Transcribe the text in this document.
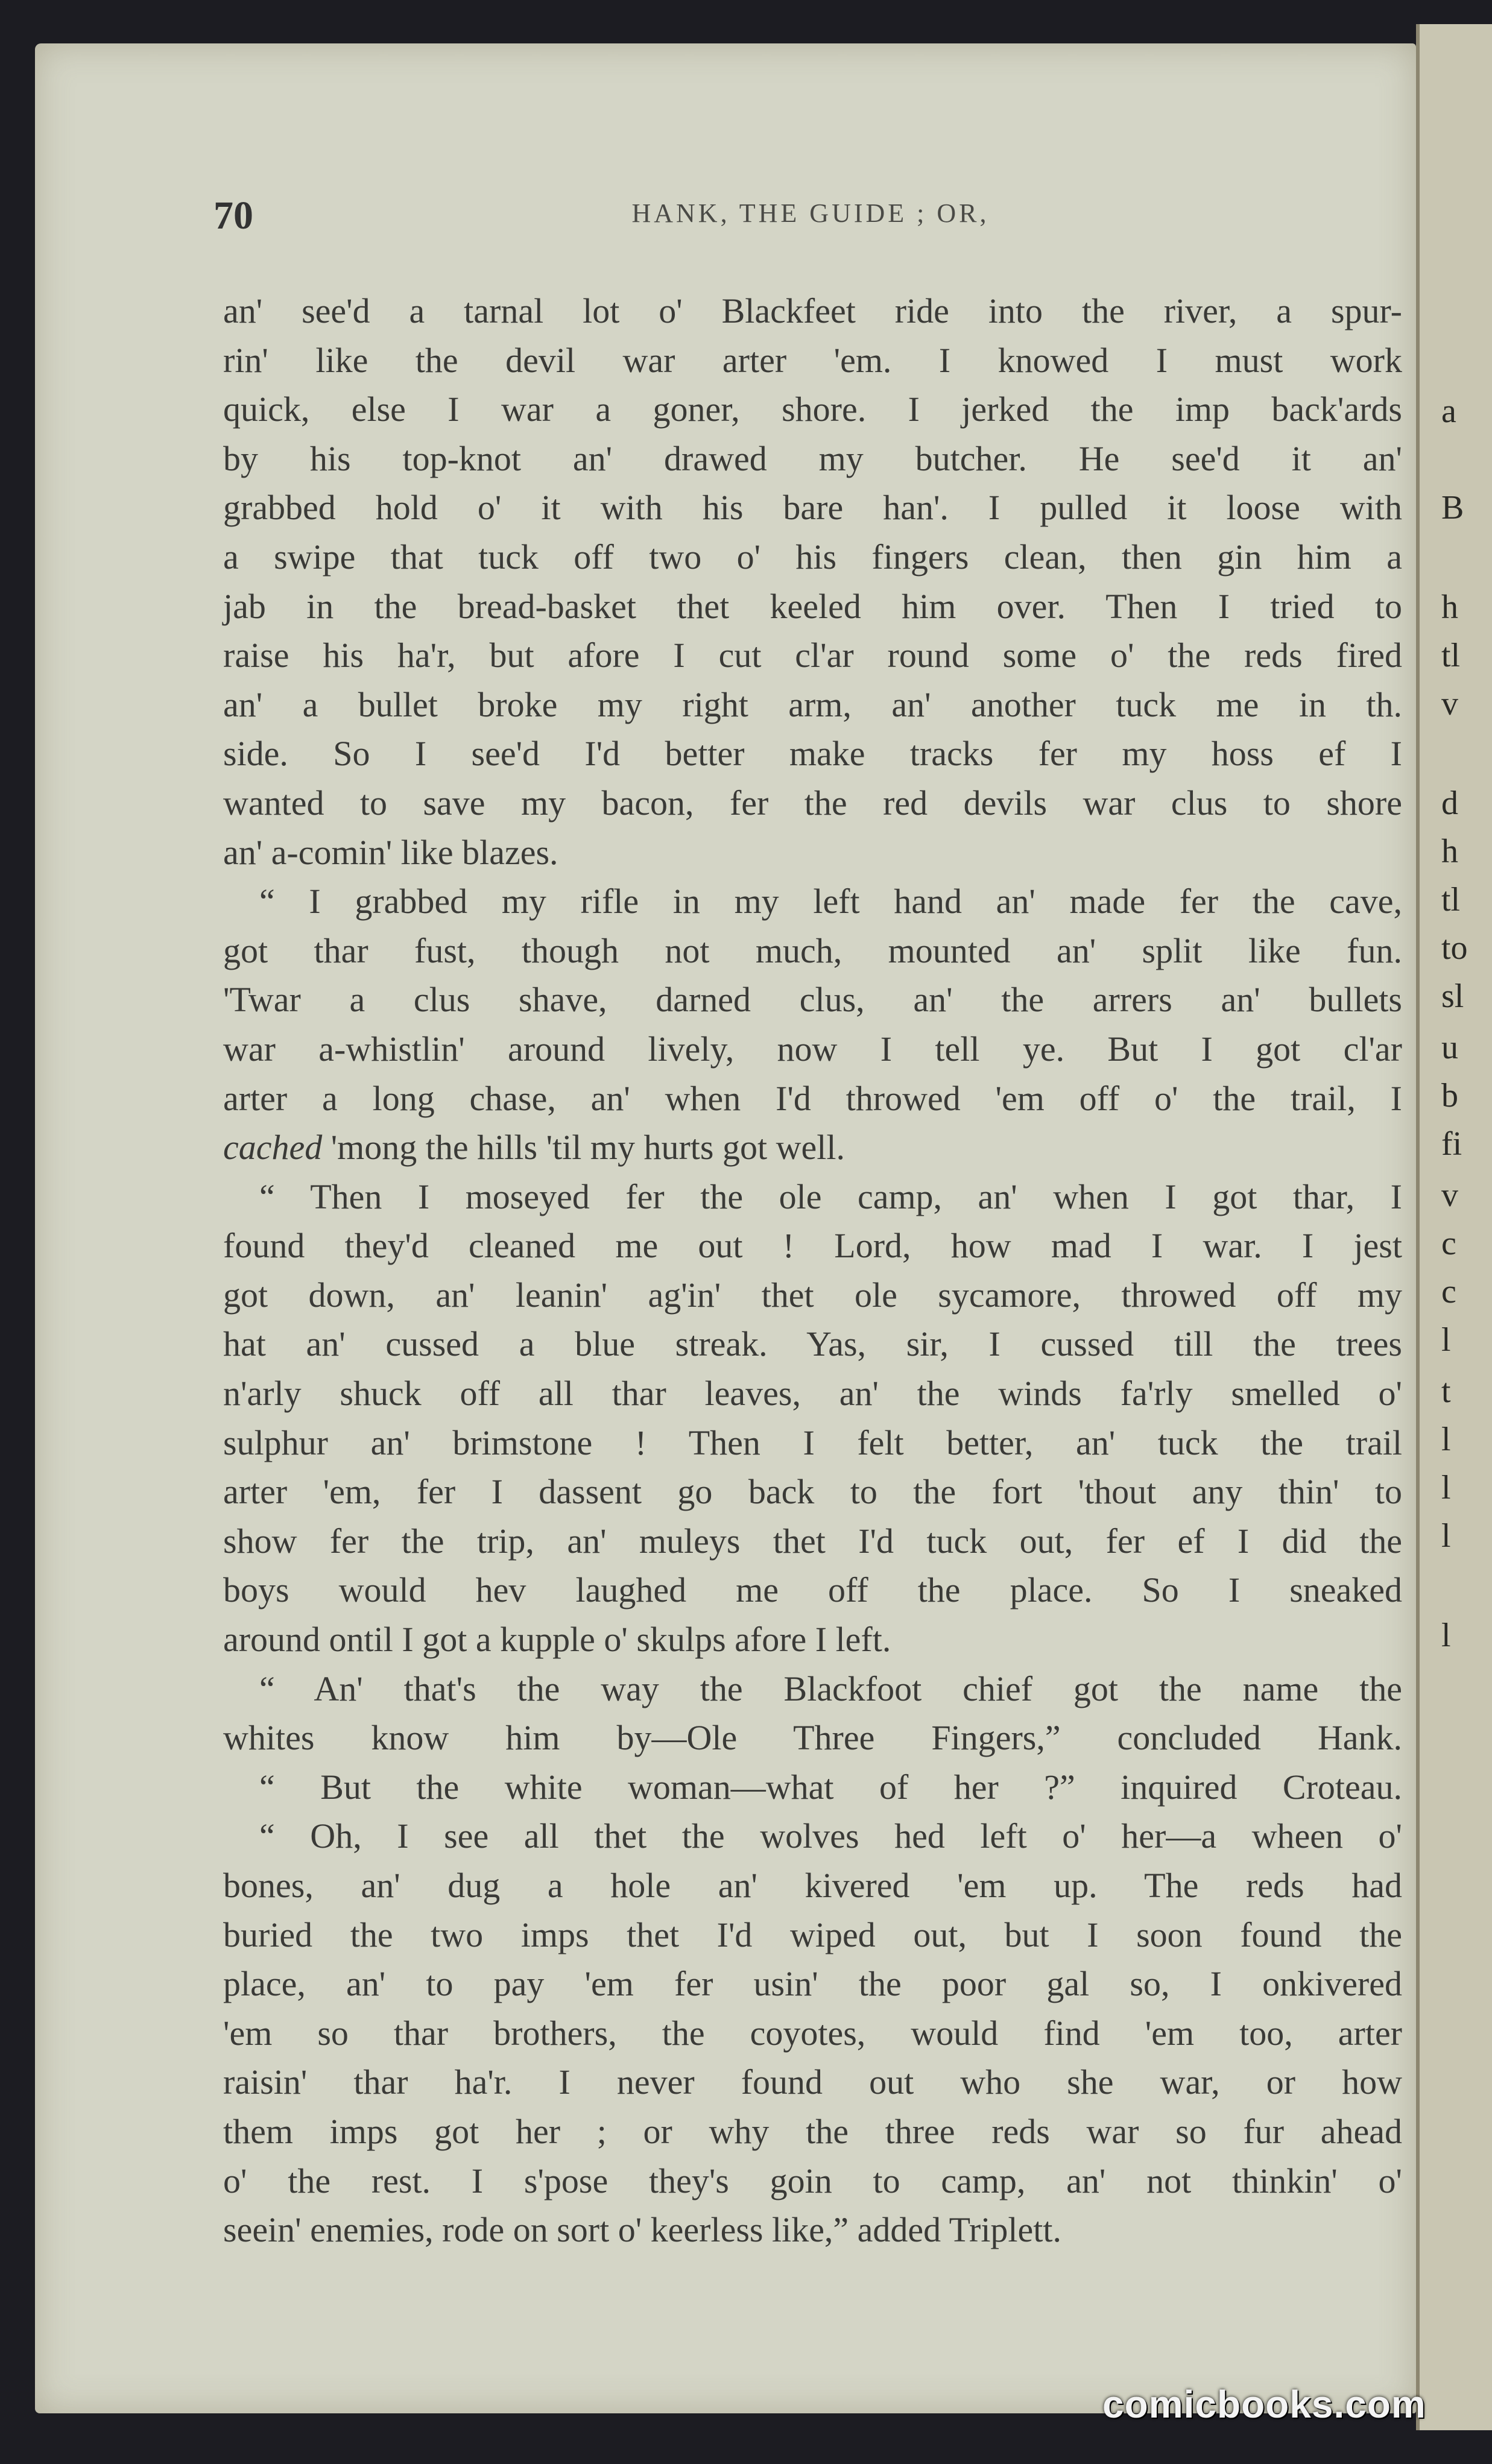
a
B
h
tl
v
d
h
tl
to
sl
u
b
fi
v
c
c
l
t
l
l
l
l
70	HANK, THE GUIDE ; OR,
an' see'd a tarnal lot o' Blackfeet ride into the river, a spur-
rin' like the devil war arter 'em. I knowed I must work
quick, else I war a goner, shore. I jerked the imp back'ards
by his top-knot an' drawed my butcher. He see'd it an'
grabbed hold o' it with his bare han'. I pulled it loose with
a swipe that tuck off two o' his fingers clean, then gin him a
jab in the bread-basket thet keeled him over. Then I tried to
raise his ha'r, but afore I cut cl'ar round some o' the reds fired
an' a bullet broke my right arm, an' another tuck me in th.
side. So I see'd I'd better make tracks fer my hoss ef I
wanted to save my bacon, fer the red devils war clus to shore
an' a-comin' like blazes.
“ I grabbed my rifle in my left hand an' made fer the cave,
got thar fust, though not much, mounted an' split like fun.
'Twar a clus shave, darned clus, an' the arrers an' bullets
war a-whistlin' around lively, now I tell ye. But I got cl'ar
arter a long chase, an' when I'd throwed 'em off o' the trail, I
cached 'mong the hills 'til my hurts got well.
“ Then I moseyed fer the ole camp, an' when I got thar, I
found they'd cleaned me out ! Lord, how mad I war. I jest
got down, an' leanin' ag'in' thet ole sycamore, throwed off my
hat an' cussed a blue streak. Yas, sir, I cussed till the trees
n'arly shuck off all thar leaves, an' the winds fa'rly smelled o'
sulphur an' brimstone ! Then I felt better, an' tuck the trail
arter 'em, fer I dassent go back to the fort 'thout any thin' to
show fer the trip, an' muleys thet I'd tuck out, fer ef I did the
boys would hev laughed me off the place. So I sneaked
around ontil I got a kupple o' skulps afore I left.
“ An' that's the way the Blackfoot chief got the name the
whites know him by—Ole Three Fingers,” concluded Hank.
“ But the white woman—what of her ?” inquired Croteau.
“ Oh, I see all thet the wolves hed left o' her—a wheen o'
bones, an' dug a hole an' kivered 'em up. The reds had
buried the two imps thet I'd wiped out, but I soon found the
place, an' to pay 'em fer usin' the poor gal so, I onkivered
'em so thar brothers, the coyotes, would find 'em too, arter
raisin' thar ha'r. I never found out who she war, or how
them imps got her ; or why the three reds war so fur ahead
o' the rest. I s'pose they's goin to camp, an' not thinkin' o'
seein' enemies, rode on sort o' keerless like,” added Triplett.
comicbooks.com
